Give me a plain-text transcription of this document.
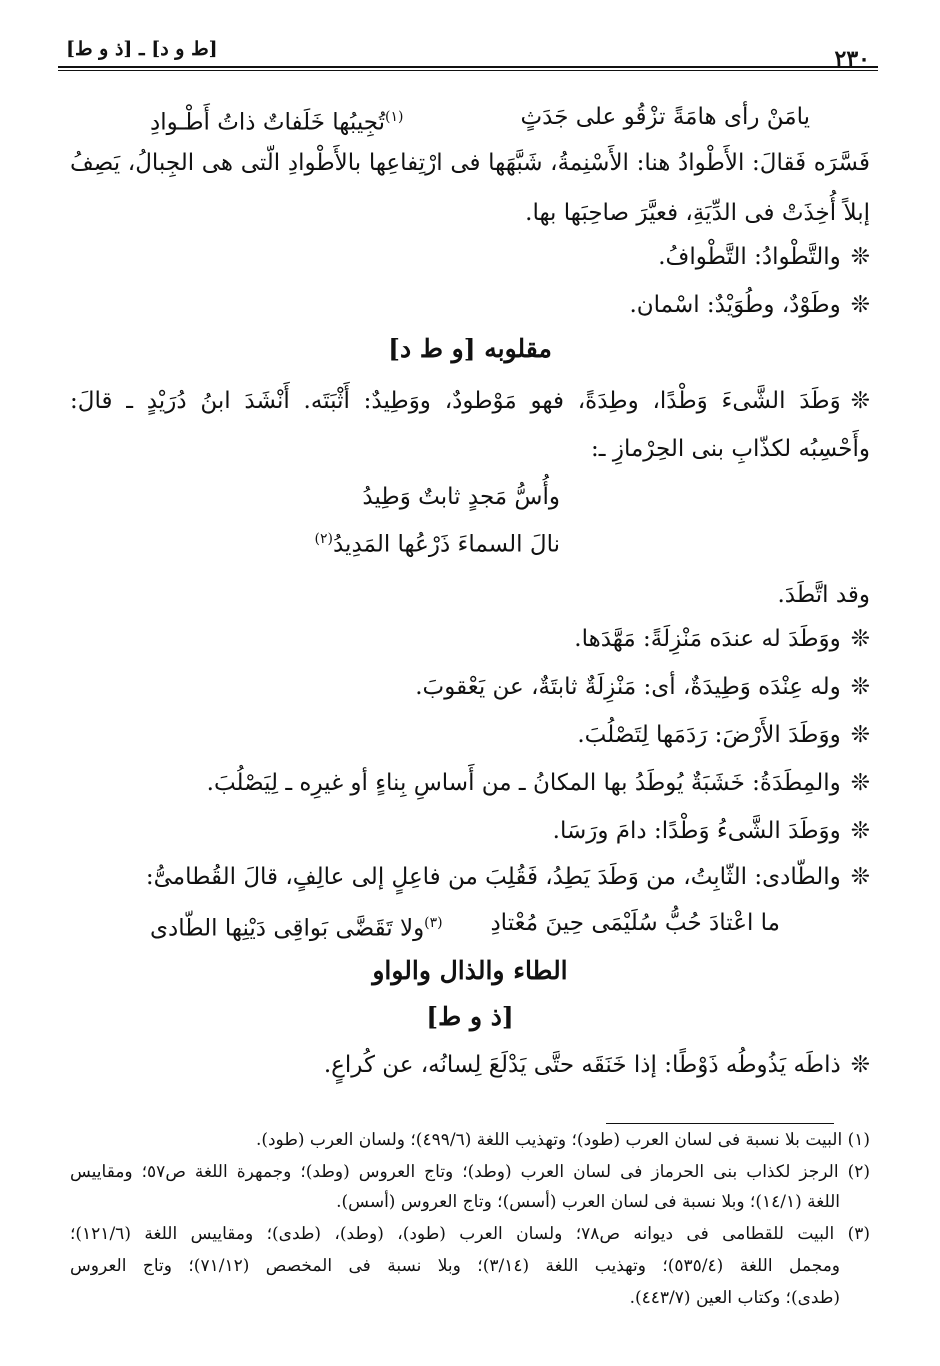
[ط و د] ـ [ذ و ط]	٢٣٠
يامَنْ رأى هامَةً تزْقُو على جَدَثٍ
$^{(١)}$تُجِيبُها خَلَفاتٌ ذاتُ أَطْـوادِ
فَسَّرَه فَقالَ: الأَطْوادُ هنا: الأَسْنِمةُ، شَبَّهَها فى ارْتِفاعِها بالأَطْوادِ الّتى هى الجِبالُ، يَصِفُ
إبلاً أُخِذَتْ فى الدِّيَةِ، فعيَّرَ صاحِبَها بها.
❊والتَّطْوادُ: التَّطْوافُ.
❊وطَوْدٌ، وطُوَيْدٌ: اسْمان.
مقلوبه [و ط د]
❊وَطَدَ الشَّىءَ وَطْدًا، وطِدَةً، فهو مَوْطودٌ، ووَطِيدٌ: أَثْبَتَه. أَنْشَدَ ابنُ دُرَيْدٍ ـ قالَ:
وأَحْسِبُه لكذّابِ بنى الحِرْمازِ ـ:
وأُسُّ مَجدٍ ثابتٌ وَطِيدُ
نالَ السماءَ ذَرْعُها المَدِيدُ$^{(٢)}$
وقد اتَّطَدَ.
❊ووَطَدَ له عندَه مَنْزِلَةً: مَهَّدَها.
❊وله عِنْدَه وَطِيدَةٌ، أى: مَنْزِلَةٌ ثابتَةٌ، عن يَعْقوبَ.
❊ووَطَدَ الأَرْضَ: رَدَمَها لِتَصْلُبَ.
❊والمِطَدَةُ: خَشَبَةٌ يُوطَدُ بها المكانُ ـ من أَساسِ بِناءٍ أو غيرِه ـ لِيَصْلُبَ.
❊ووَطَدَ الشَّىءُ وَطْدًا: دامَ ورَسَا.
❊والطّادى: الثّابِتُ، من وَطَدَ يَطِدُ، فَقُلِبَ من فاعِلٍ إلى عالِفٍ، قالَ القُطامىُّ:
ما اعْتادَ حُبُّ سُلَيْمَى حِينَ مُعْتادِ
$^{(٣)}$ولا تَقَضَّى بَواقِى دَيْنِها الطّادى
الطاء والذال والواو
[ذ و ط]
❊ذاطَه يَذُوطُه ذَوْطًا: إذا خَنَقَه حتَّى يَدْلَعَ لِسانُه، عن كُراعٍ.
(١) البيت بلا نسبة فى لسان العرب (طود)؛ وتهذيب اللغة (٤٩٩/٦)؛ ولسان العرب (طود).
(٢) الرجز لكذاب بنى الحرماز فى لسان العرب (وطد)؛ وتاج العروس (وطد)؛ وجمهرة اللغة ص٥٧؛ ومقاييس
اللغة (١٤/١)؛ وبلا نسبة فى لسان العرب (أسس)؛ وتاج العروس (أسس).
(٣) البيت للقطامى فى ديوانه ص٧٨؛ ولسان العرب (طود)، (وطد)، (طدى)؛ ومقاييس اللغة (١٢١/٦)؛
ومجمل اللغة (٥٣٥/٤)؛ وتهذيب اللغة (٣/١٤)؛ وبلا نسبة فى المخصص (٧١/١٢)؛ وتاج العروس
(طدى)؛ وكتاب العين (٤٤٣/٧).
